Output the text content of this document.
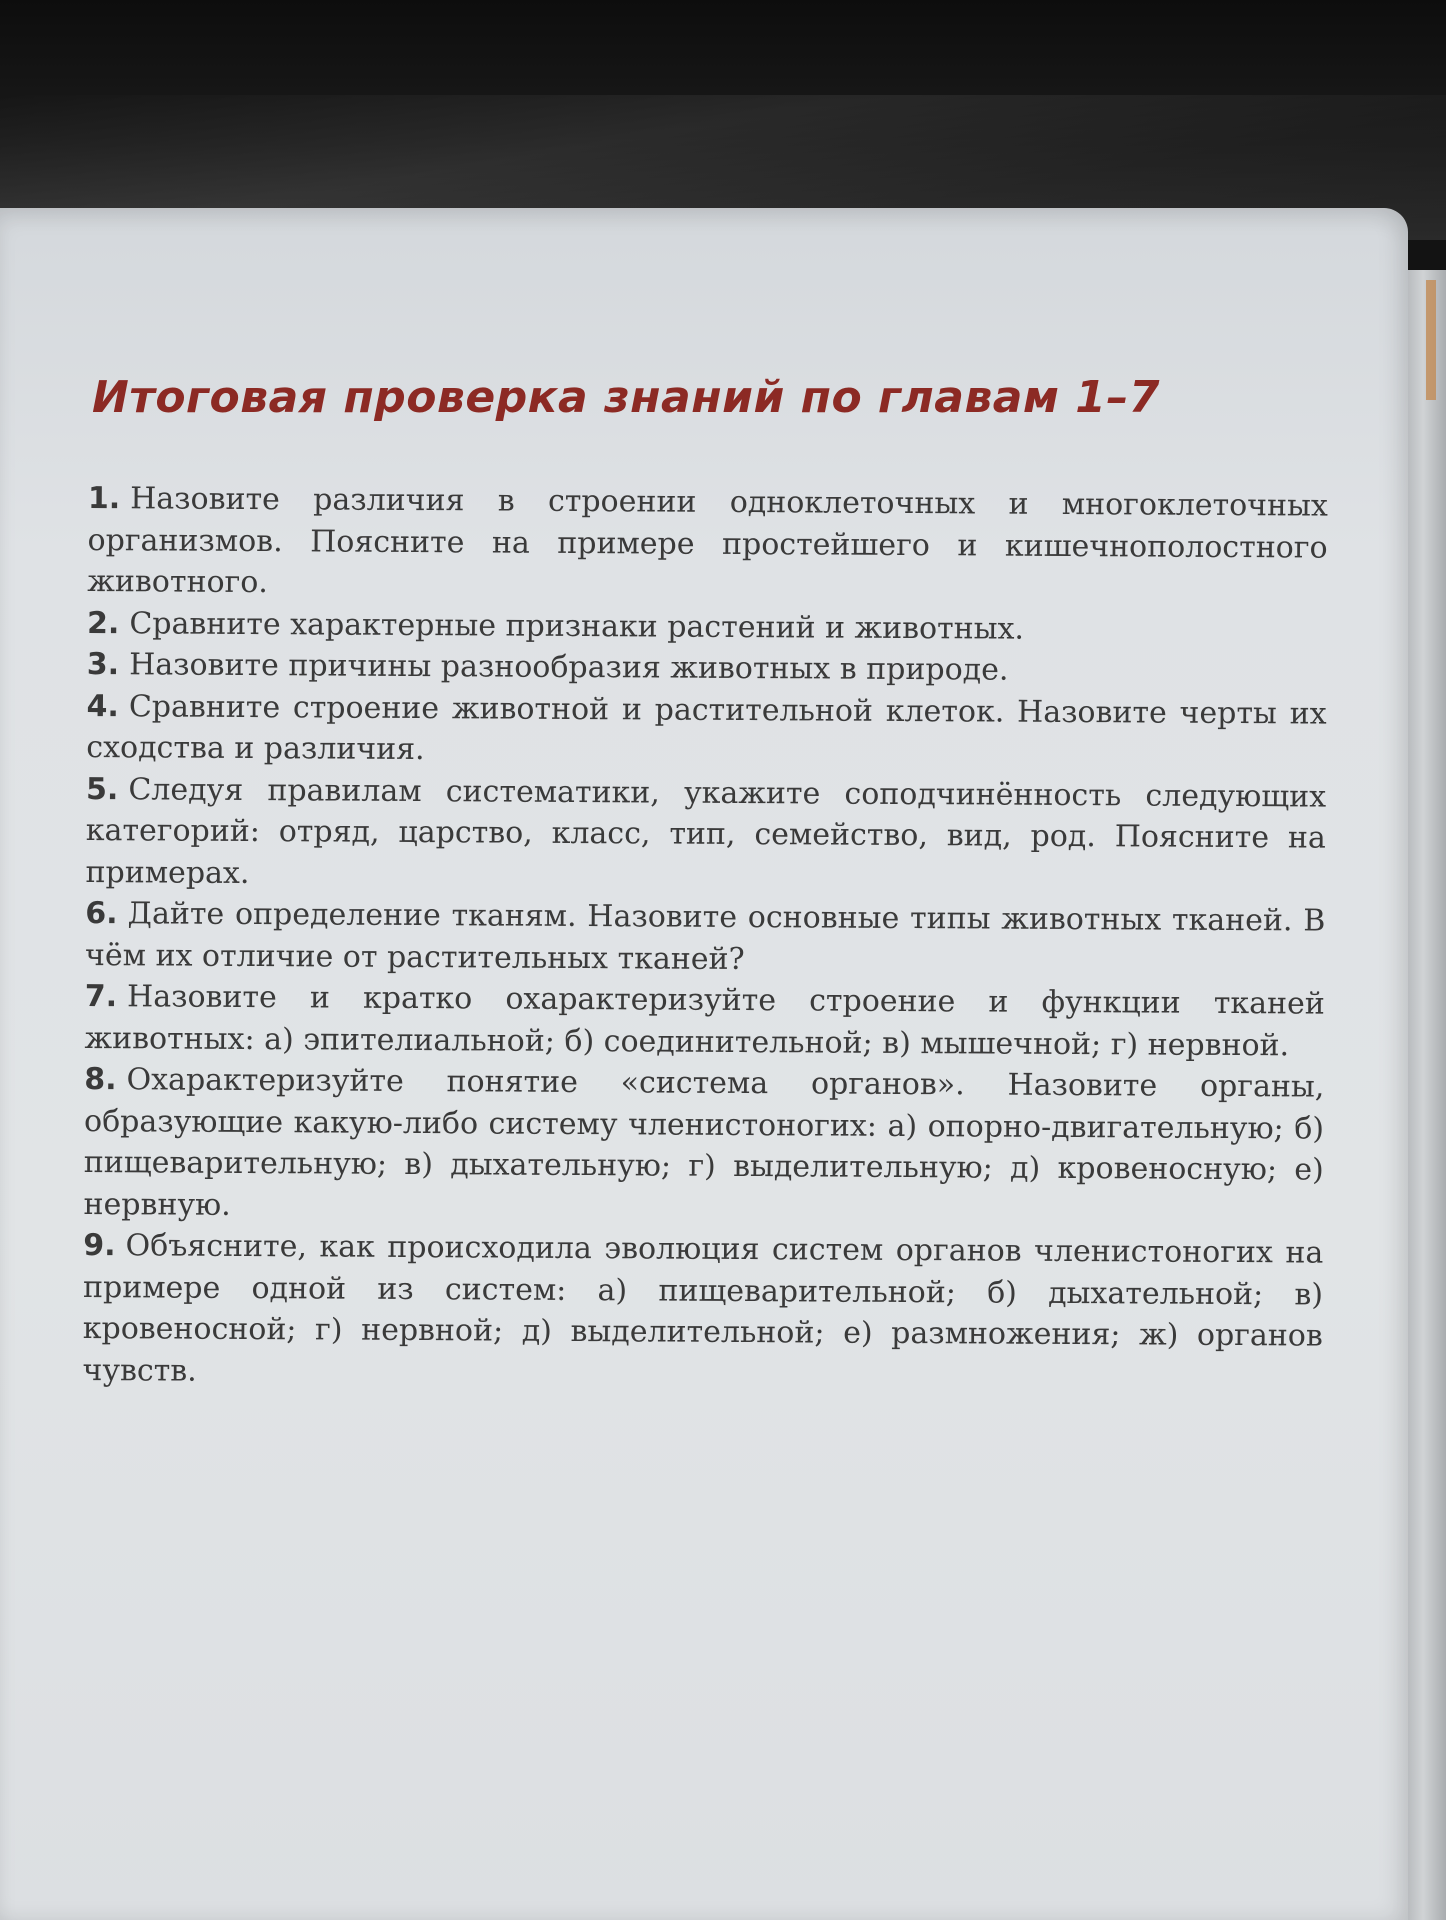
Итоговая проверка знаний по главам 1–7
1. Назовите различия в строении одноклеточных и многоклеточных организмов. Поясните на примере простейшего и кишечнополостного животного.
2. Сравните характерные признаки растений и животных.
3. Назовите причины разнообразия животных в природе.
4. Сравните строение животной и растительной клеток. Назовите черты их сходства и различия.
5. Следуя правилам систематики, укажите соподчинённость следующих категорий: отряд, царство, класс, тип, семейство, вид, род. Поясните на примерах.
6. Дайте определение тканям. Назовите основные типы животных тканей. В чём их отличие от растительных тканей?
7. Назовите и кратко охарактеризуйте строение и функции тканей животных: а) эпителиальной; б) соединительной; в) мышечной; г) нервной.
8. Охарактеризуйте понятие «система органов». Назовите органы, образующие какую-либо систему членистоногих: а) опорно-двигательную; б) пищеварительную; в) дыхательную; г) выделительную; д) кровеносную; е) нервную.
9. Объясните, как происходила эволюция систем органов членистоногих на примере одной из систем: а) пищеварительной; б) дыхательной; в) кровеносной; г) нервной; д) выделительной; е) размножения; ж) органов чувств.
